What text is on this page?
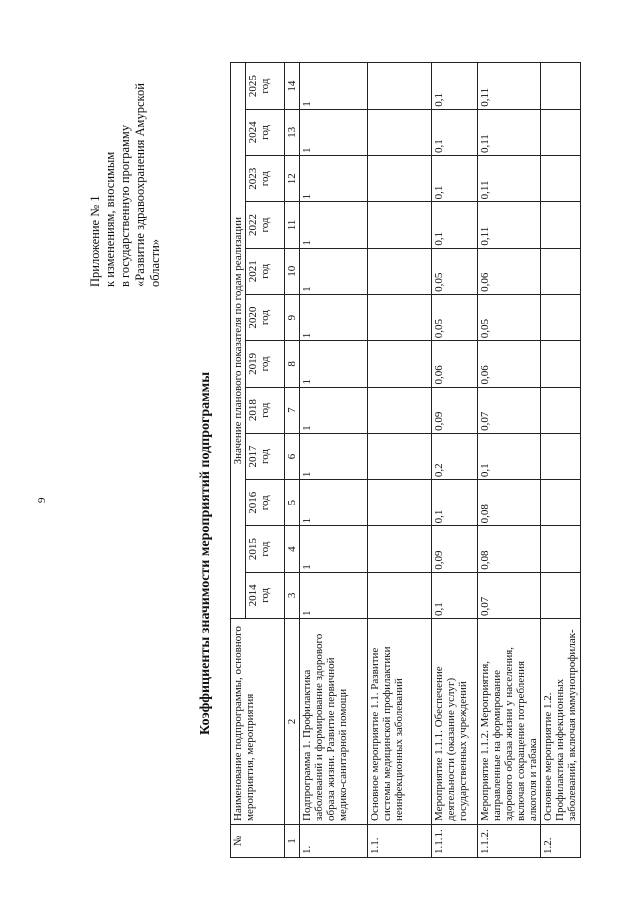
9
Приложение № 1 к изменениям, вносимым в государственную программу «Развитие здравоохранения Амурской области»
Коэффициенты значимости мероприятий подпрограммы
№	Наименование подпрограммы, основного мероприятия, мероприятия	Значение планового показателя по годам реализации											
		2014 год	2015 год	2016 год	2017 год	2018 год	2019 год	2020 год	2021 год	2022 год	2023 год	2024 год	2025 год
1	2	3	4	5	6	7	8	9	10	11	12	13	14
1.	Подпрограмма 1. Профилактика заболеваний и формирование здорового образа жизни. Развитие первичной медико-санитарной помощи	1	1	1	1	1	1	1	1	1	1	1	1
1.1.	Основное мероприятие 1.1. Развитие системы медицинской профилактики неинфекционных заболеваний												
1.1.1.	Мероприятие 1.1.1. Обеспечение деятельности (оказание услуг) государственных учреждений	0,1	0,09	0,1	0,2	0,09	0,06	0,05	0,05	0,1	0,1	0,1	0,1
1.1.2.	Мероприятие 1.1.2. Мероприятия, направленные на формирование здорового образа жизни у населения, включая сокращение потребления алкоголя и табака	0,07	0,08	0,08	0,1	0,07	0,06	0,05	0,06	0,11	0,11	0,11	0,11
1.2.	Основное мероприятие 1.2. Профилактика инфекционных заболеваний, включая иммунопрофилак-												
